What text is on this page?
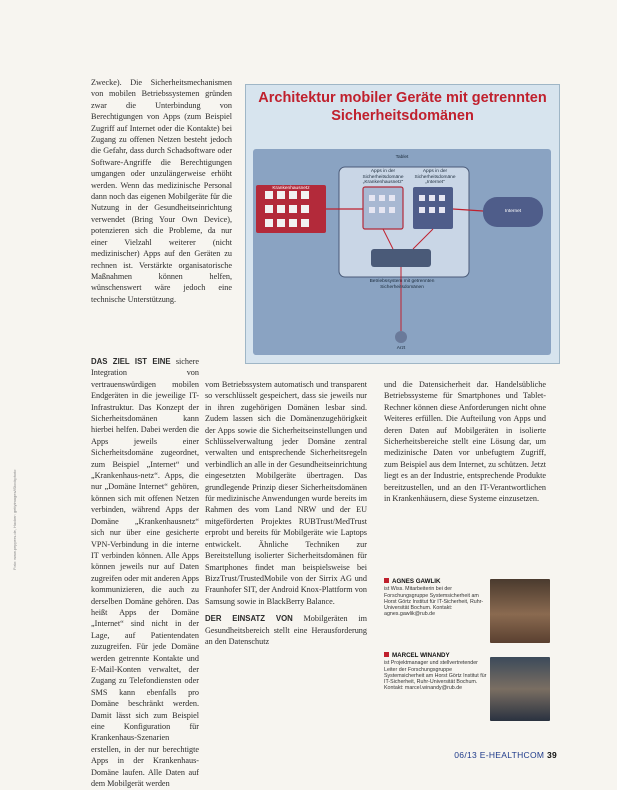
Zwecke). Die Sicherheitsmechanismen von mobilen Betriebssystemen gründen zwar die Unterbindung von Berechtigungen von Apps (zum Beispiel Zugriff auf Internet oder die Kontakte) bei Zugang zu offenen Netzen besteht jedoch die Gefahr, dass durch Schadsoftware oder Software-Angriffe die Berechtigungen umgangen oder unzulängerweise erhöht werden. Wenn das medizinische Personal dann noch das eigenen Mobilgeräte für die Nutzung in der Gesundheitseinrichtung verwendet (Bring Your Own Device), potenzieren sich die Probleme, da nur einer Vielzahl weiterer (nicht medizinischer) Apps auf den Geräten zu rechnen ist. Verstärkte organisatorische Maßnahmen können helfen, wünschenswert wäre jedoch eine technische Unterstützung.

Architektur mobiler Geräte mit getrennten Sicherheitsdomänen
Tablet
Apps in der Sicherheitsdomäne „Krankenhausnetz“
Apps in der Sicherheitsdomäne „Internet“
Krankenhausnetz
Internet
Betriebssystem mit getrennten Sicherheitsdomänen
Arzt

DAS ZIEL IST EINE sichere Integration von vertrauenswürdigen mobilen Endgeräten in die jeweilige IT-Infrastruktur. Das Konzept der Sicherheitsdomänen kann hierbei helfen. Dabei werden die Apps jeweils einer Sicherheitsdomäne zugeordnet, zum Beispiel „Internet“ und „Krankenhaus-netz“. Apps, die nur „Domäne Internet“ gehören, können sich mit offenen Netzen verbinden, während Apps der Domäne „Krankenhausnetz“ sich nur über eine gesicherte VPN-Verbindung in die interne IT verbinden können. Alle Apps können jeweils nur auf Daten zugreifen oder mit anderen Apps kommunizieren, die auch zu derselben Domäne gehören. Das heißt Apps der Domäne „Internet“ sind nicht in der Lage, auf Patientendaten zuzugreifen. Für jede Domäne werden getrennte Kontakte und E-Mail-Konten verwaltet, der Zugang zu Telefondiensten oder SMS kann ebenfalls pro Domäne beschränkt werden. Damit lässt sich zum Beispiel eine Konfiguration für Krankenhaus-Szenarien erstellen, in der nur berechtigte Apps in der Krankenhaus-Domäne laufen. Alle Daten auf dem Mobilgerät werden

vom Betriebssystem automatisch und transparent so verschlüsselt gespeichert, dass sie jeweils nur in ihren zugehörigen Domänen lesbar sind. Zudem lassen sich die Domänenzugehörigkeit der Apps sowie die Sicherheitseinstellungen und Schlüsselverwaltung jeder Domäne zentral verwalten und entsprechende Sicherheitsregeln verbindlich an alle in der Gesundheitseinrichtung eingesetzten Mobilgeräte übertragen. Das grundlegende Prinzip dieser Sicherheitsdomänen für medizinische Anwendungen wurde bereits im Rahmen des vom Land NRW und der EU mitgeförderten Projektes RUBTrust/MedTrust erprobt und bereits für Mobilgeräte wie Laptops entwickelt. Ähnliche Techniken zur Bereitstellung isolierter Sicherheitsdomänen für Smartphones findet man beispielsweise bei BizzTrust/TrustedMobile von der Sirrix AG und Fraunhofer SIT, der Android Knox-Plattform von Samsung sowie in BlackBerry Balance.

DER EINSATZ VON Mobilgeräten im Gesundheitsbereich stellt eine Herausforderung an den Datenschutz

und die Datensicherheit dar. Handelsübliche Betriebssysteme für Smartphones und Tablet-Rechner können diese Anforderungen nicht ohne Weiteres erfüllen. Die Aufteilung von Apps und deren Daten auf Mobilgeräten in isolierte Sicherheitsbereiche stellt eine Lösung dar, um medizinische Daten vor unbefugtem Zugriff, zum Beispiel aus dem Internet, zu schützen. Jetzt liegt es an der Industrie, entsprechende Produkte bereitzustellen, und an den IT-Verantwortlichen in Krankenhäusern, diese Systeme einzusetzen.

Foto: www.peppers.de, Hacker: gettyimages/iStockphoto
AGNES GAWLIK
ist Wiss. Mitarbeiterin bei der Forschungsgruppe Systemsicherheit am Horst Görtz Institut für IT-Sicherheit, Ruhr-Universität Bochum. Kontakt: agnes.gawlik@rub.de
MARCEL WINANDY
ist Projektmanager und stellvertretender Leiter der Forschungsgruppe Systemsicherheit am Horst Görtz Institut für IT-Sicherheit, Ruhr-Universität Bochum. Kontakt: marcel.winandy@rub.de
06/13 E-HEALTHCOM 39
